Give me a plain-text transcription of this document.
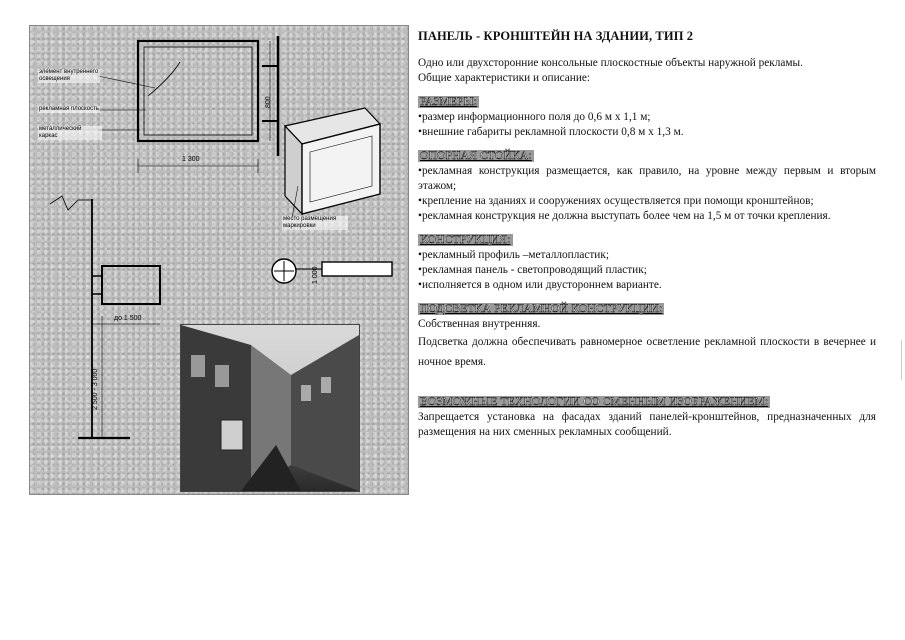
элемент внутреннего освещения
рекламная плоскость
металлический каркас
место размещения маркировки
1 300
800
1 000
до 1 500
2 500 - 3 000
ПАНЕЛЬ - КРОНШТЕЙН НА ЗДАНИИ, ТИП 2

Одно или двухсторонние консольные плоскостные объекты наружной рекламы.

Общие характеристики и описание:

РАЗМЕРЫ:

•размер информационного поля до 0,6 м х 1,1 м;

•внешние габариты рекламной плоскости 0,8 м х 1,3 м.

ОПОРНАЯ СТОЙКА:

•рекламная конструкция размещается, как правило, на уровне между первым и вторым этажом;

•крепление на зданиях и сооружениях осуществляется при помощи кронштейнов;

•рекламная конструкция не должна выступать более чем на 1,5 м от точки крепления.

КОНСТРУКЦИЯ:

•рекламный профиль –металлопластик;

•рекламная панель - светопроводящий пластик;

•исполняется в одном или двустороннем варианте.

ПОДСВЕТКА РЕКЛАМНОЙ КОНСТРУКЦИИ:

Собственная внутренняя.

Подсветка должна обеспечивать равномерное осветление рекламной плоскости в вечернее и ночное время.

ВОЗМОЖНЫЕ ТЕХНОЛОГИИ СО СМЕННЫМ ИЗОБРАЖЕНИЕМ:

Запрещается установка на фасадах зданий панелей-кронштейнов, предназначенных для размещения на них сменных рекламных сообщений.
